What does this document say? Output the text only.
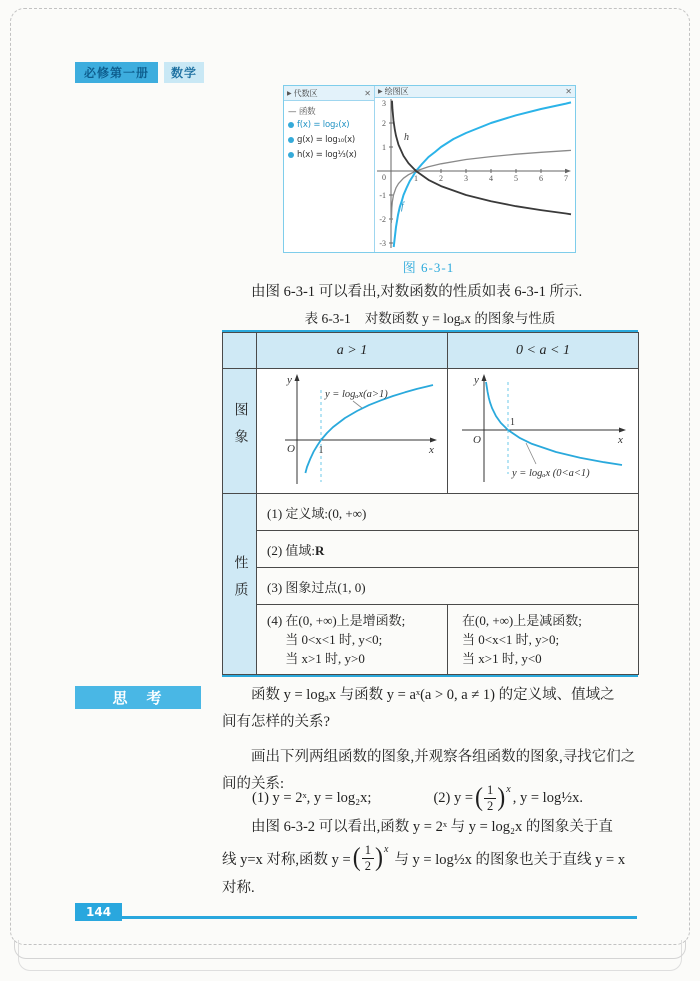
必修第一册	数学
▶ 代数区	✕
— 函数
f(x) = log₂(x)
g(x) = log₁₀(x)
h(x) = log⅓(x)
▶ 绘图区	✕
3
2
1
-1
-2
-3
0	1	2	3	4	5	6	7
h
f
图 6-3-1
由图 6-3-1 可以看出,对数函数的性质如表 6-3-1 所示.
表 6-3-1 对数函数 y = logₐx 的图象与性质
	a > 1	0 < a < 1
图象	y = logₐx(a>1)
O 1 x
y	1
O x
y
y = logₐx (0<a<1)

性质	(1) 定义域:(0, +∞)	
	(2) 值域:R	
	(3) 图象过点(1, 0)	

(4) 在(0, +∞)上是增函数;
当 0<x<1 时, y<0;
当 x>1 时, y>0

在(0, +∞)上是减函数;
当 0<x<1 时, y>0;
当 x>1 时, y<0
思　考	函数 y = logₐx 与函数 y = aˣ(a > 0, a ≠ 1) 的定义域、值域之
间有怎样的关系?
画出下列两组函数的图象,并观察各组函数的图象,寻找它们之
间的关系:
(1) y = 2ˣ, y = log₂x;	(2) y = ( $\frac{1}{2}$ ) x
, y = log½x.
由图 6-3-2 可以看出,函数 y = 2ˣ 与 y = log₂x 的图象关于直
线 y=x 对称,函数 y = ( $\frac{1}{2}$ ) x
与 y = log½x 的图象也关于直线 y = x
对称.
144
